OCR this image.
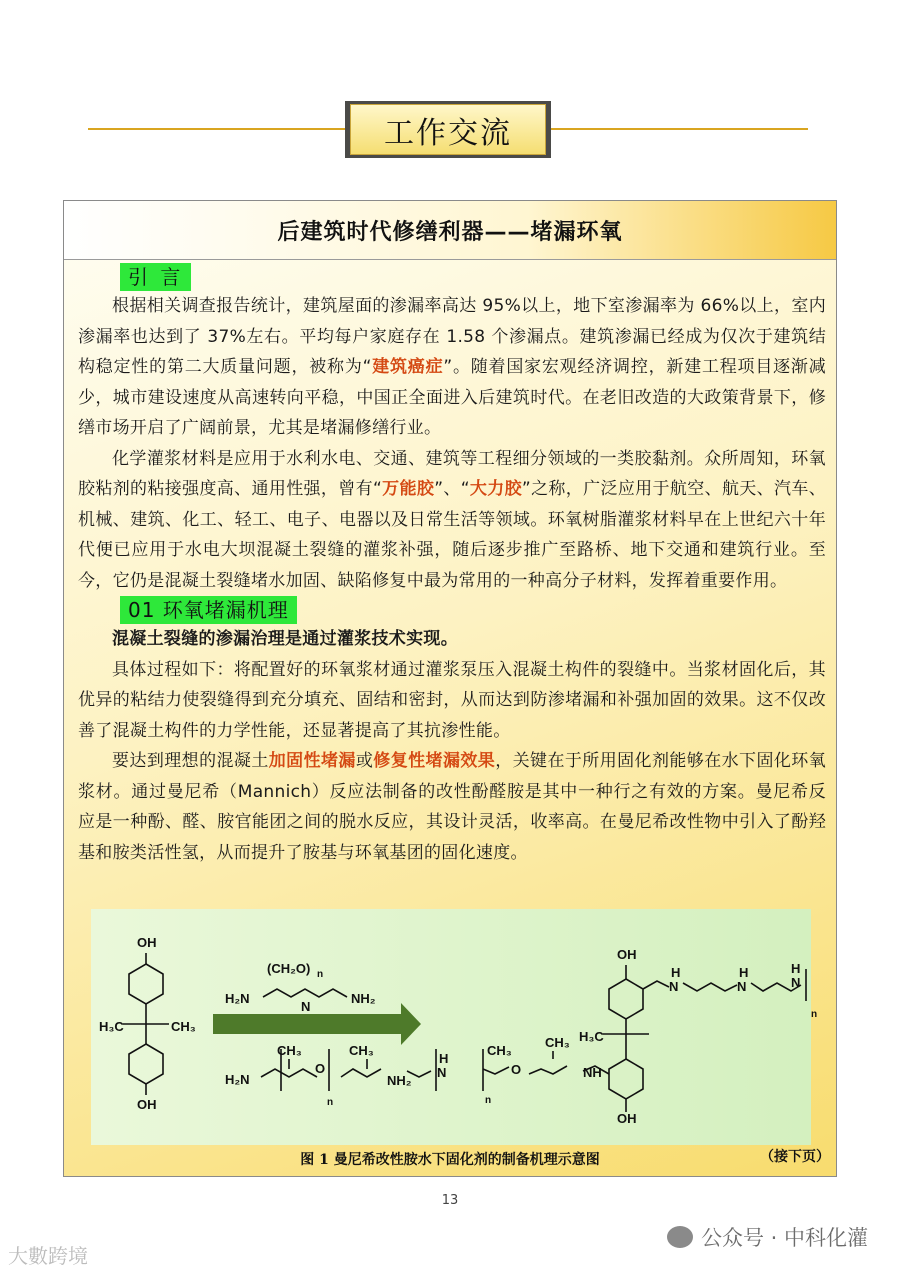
工作交流
后建筑时代修缮利器——堵漏环氧
引 言

根据相关调查报告统计，建筑屋面的渗漏率高达 95%以上，地下室渗漏率为 66%以上，室内渗漏率也达到了 37%左右。平均每户家庭存在 1.58 个渗漏点。建筑渗漏已经成为仅次于建筑结构稳定性的第二大质量问题，被称为“建筑癌症”。随着国家宏观经济调控，新建工程项目逐渐减少，城市建设速度从高速转向平稳，中国正全面进入后建筑时代。在老旧改造的大政策背景下，修缮市场开启了广阔前景，尤其是堵漏修缮行业。

化学灌浆材料是应用于水利水电、交通、建筑等工程细分领域的一类胶黏剂。众所周知，环氧胶粘剂的粘接强度高、通用性强，曾有“万能胶”、“大力胶”之称，广泛应用于航空、航天、汽车、机械、建筑、化工、轻工、电子、电器以及日常生活等领域。环氧树脂灌浆材料早在上世纪六十年代便已应用于水电大坝混凝土裂缝的灌浆补强，随后逐步推广至路桥、地下交通和建筑行业。至今，它仍是混凝土裂缝堵水加固、缺陷修复中最为常用的一种高分子材料，发挥着重要作用。

01 环氧堵漏机理

混凝土裂缝的渗漏治理是通过灌浆技术实现。

具体过程如下：将配置好的环氧浆材通过灌浆泵压入混凝土构件的裂缝中。当浆材固化后，其优异的粘结力使裂缝得到充分填充、固结和密封，从而达到防渗堵漏和补强加固的效果。这不仅改善了混凝土构件的力学性能，还显著提高了其抗渗性能。

要达到理想的混凝土加固性堵漏或修复性堵漏效果，关键在于所用固化剂能够在水下固化环氧浆材。通过曼尼希（Mannich）反应法制备的改性酚醛胺是其中一种行之有效的方案。曼尼希反应是一种酚、醛、胺官能团之间的脱水反应，其设计灵活，收率高。在曼尼希改性物中引入了酚羟基和胺类活性氢，从而提升了胺基与环氧基团的固化速度。

OH
OH
H₃C	CH₃
(CH₂O) n
H₂N
N
NH₂
CH₃	CH₃
n
H₂N
O
NH₂
OH
OH
H₃C
N
H
N
H
N
H
n
NH
O
CH₃
CH₃
n
N
H
图 1 曼尼希改性胺水下固化剂的制备机理示意图	（接下页）
13
大數跨境
公众号 · 中科化灌
